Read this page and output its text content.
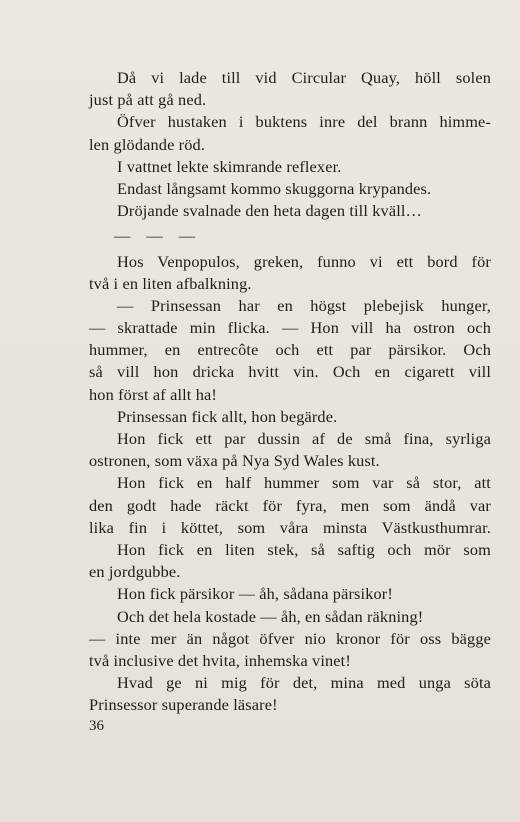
Då vi lade till vid Circular Quay, höll solen
just på att gå ned.
Öfver hustaken i buktens inre del brann himme-
len glödande röd.
I vattnet lekte skimrande reflexer.
Endast långsamt kommo skuggorna krypandes.
Dröjande svalnade den heta dagen till kväll…
— — —
Hos Venpopulos, greken, funno vi ett bord för
två i en liten afbalkning.
— Prinsessan har en högst plebejisk hunger,
— skrattade min flicka. — Hon vill ha ostron och
hummer, en entrecôte och ett par pärsikor. Och
så vill hon dricka hvitt vin. Och en cigarett vill
hon först af allt ha!
Prinsessan fick allt, hon begärde.
Hon fick ett par dussin af de små fina, syrliga
ostronen, som växa på Nya Syd Wales kust.
Hon fick en half hummer som var så stor, att
den godt hade räckt för fyra, men som ändå var
lika fin i köttet, som våra minsta Västkusthumrar.
Hon fick en liten stek, så saftig och mör som
en jordgubbe.
Hon fick pärsikor — åh, sådana pärsikor!
Och det hela kostade — åh, en sådan räkning!
— inte mer än något öfver nio kronor för oss bägge
två inclusive det hvita, inhemska vinet!
Hvad ge ni mig för det, mina med unga söta
Prinsessor superande läsare!
36
